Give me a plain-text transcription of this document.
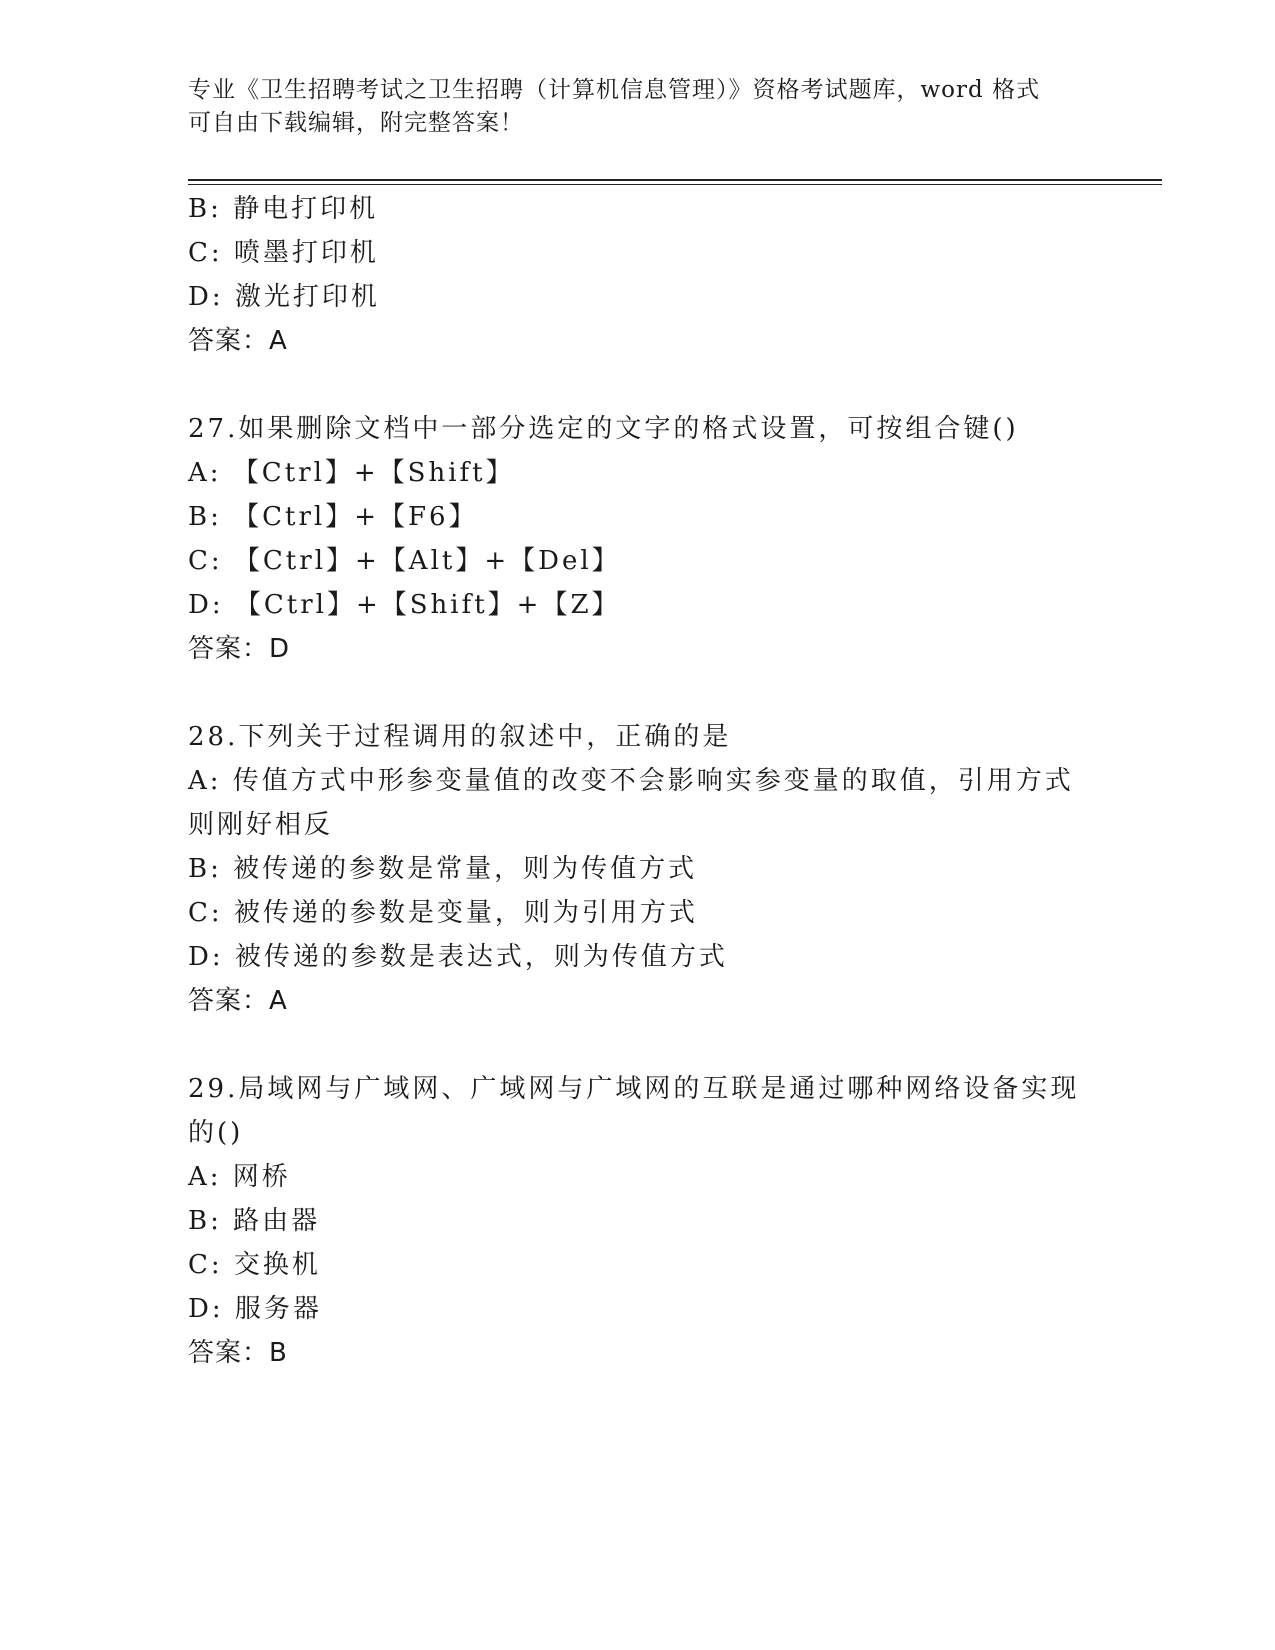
专业《卫生招聘考试之卫生招聘（计算机信息管理）》资格考试题库，word 格式
可自由下载编辑，附完整答案！
B: 静电打印机
C: 喷墨打印机
D: 激光打印机
答案：A
27.如果删除文档中一部分选定的文字的格式设置，可按组合键()
A: 【Ctrl】+【Shift】
B: 【Ctrl】+【F6】
C: 【Ctrl】+【Alt】+【Del】
D: 【Ctrl】+【Shift】+【Z】
答案：D
28.下列关于过程调用的叙述中，正确的是
A: 传值方式中形参变量值的改变不会影响实参变量的取值，引用方式
则刚好相反
B: 被传递的参数是常量，则为传值方式
C: 被传递的参数是变量，则为引用方式
D: 被传递的参数是表达式，则为传值方式
答案：A
29.局域网与广域网、广域网与广域网的互联是通过哪种网络设备实现
的()
A: 网桥
B: 路由器
C: 交换机
D: 服务器
答案：B
